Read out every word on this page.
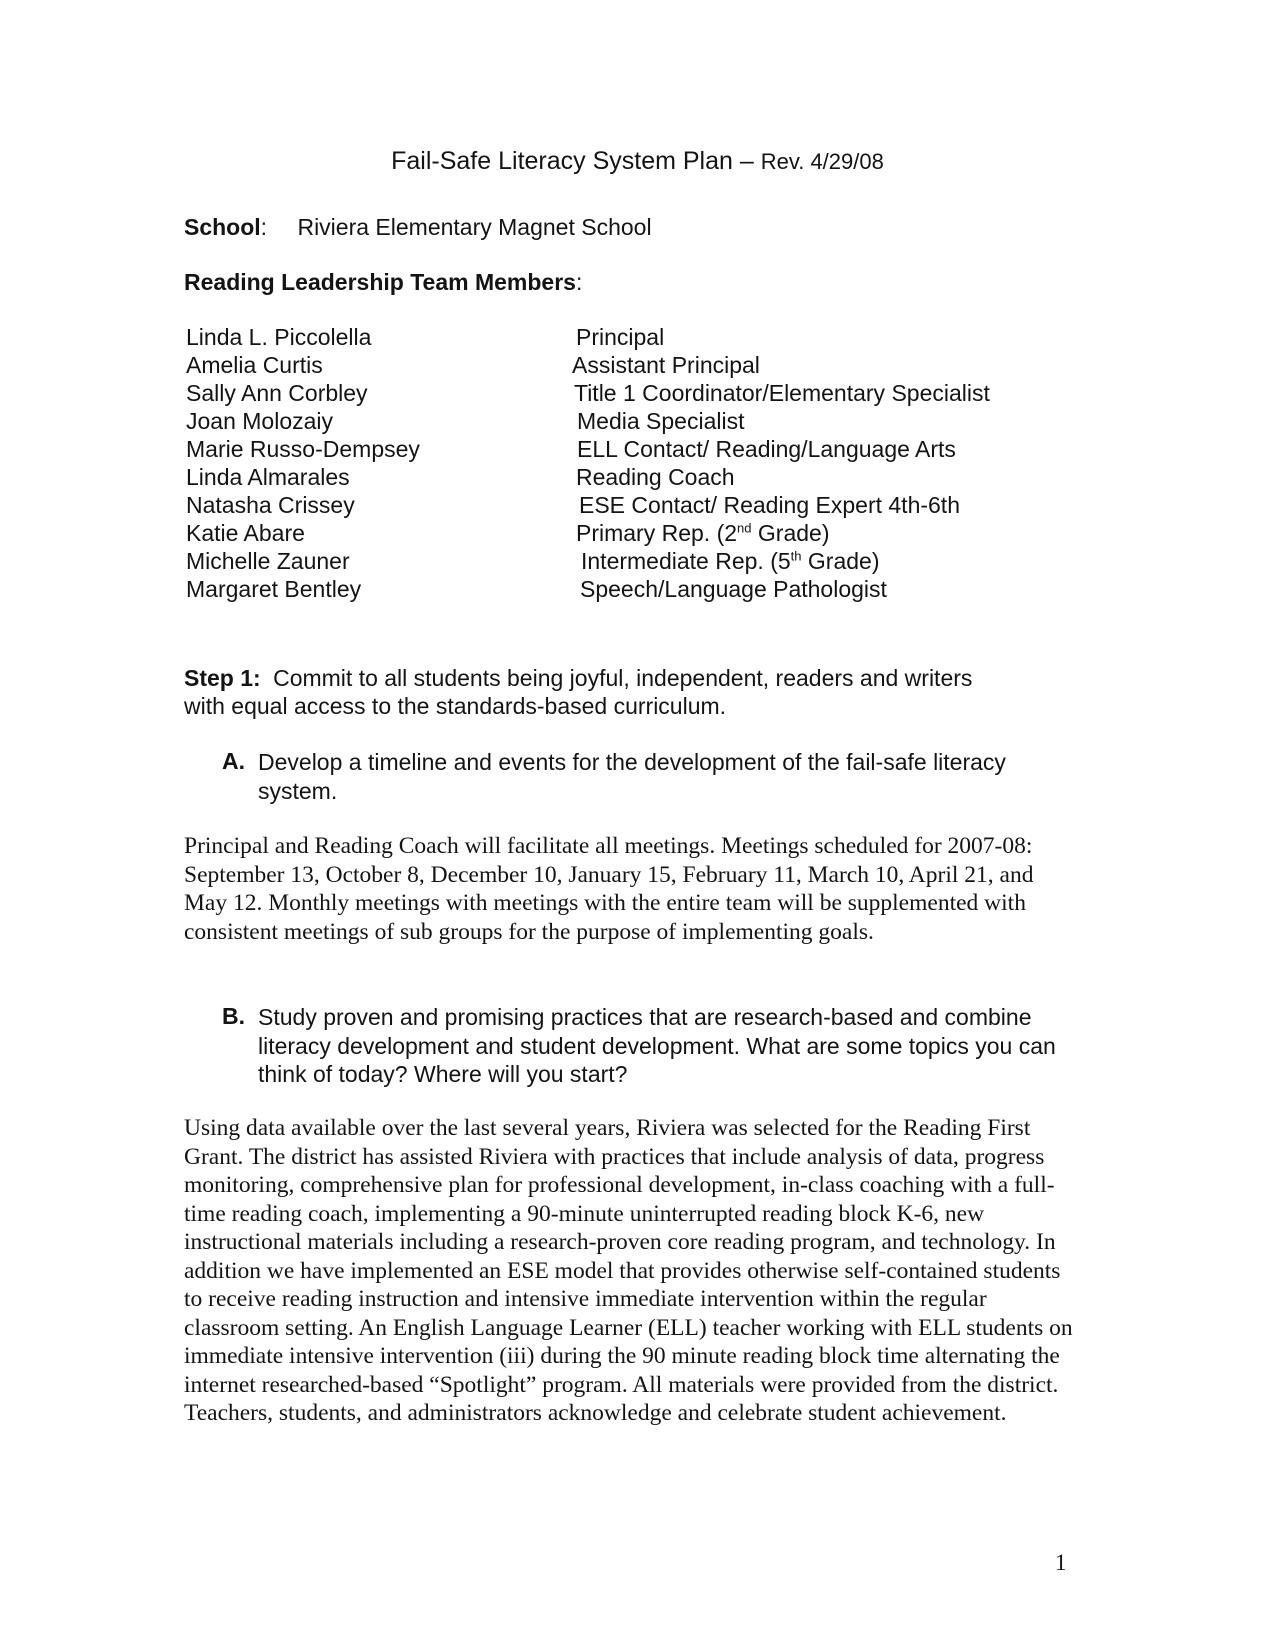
Fail-Safe Literacy System Plan – Rev. 4/29/08
School: Riviera Elementary Magnet School
Reading Leadership Team Members:
Linda L. Piccolella	Principal
Amelia Curtis	Assistant Principal
Sally Ann Corbley	Title 1 Coordinator/Elementary Specialist
Joan Molozaiy	Media Specialist
Marie Russo-Dempsey	ELL Contact/ Reading/Language Arts
Linda Almarales	Reading Coach
Natasha Crissey	ESE Contact/ Reading Expert 4th-6th
Katie Abare	Primary Rep. (2nd Grade)
Michelle Zauner	Intermediate Rep. (5th Grade)
Margaret Bentley	Speech/Language Pathologist
Step 1: Commit to all students being joyful, independent, readers and writers
with equal access to the standards-based curriculum.
A. Develop a timeline and events for the development of the fail-safe literacy system.
Principal and Reading Coach will facilitate all meetings. Meetings scheduled for 2007-08: September 13, October 8, December 10, January 15, February 11, March 10, April 21, and May 12. Monthly meetings with meetings with the entire team will be supplemented with consistent meetings of sub groups for the purpose of implementing goals.
B. Study proven and promising practices that are research-based and combine literacy development and student development. What are some topics you can think of today? Where will you start?
Using data available over the last several years, Riviera was selected for the Reading First Grant. The district has assisted Riviera with practices that include analysis of data, progress monitoring, comprehensive plan for professional development, in-class coaching with a full-time reading coach, implementing a 90-minute uninterrupted reading block K-6, new instructional materials including a research-proven core reading program, and technology. In addition we have implemented an ESE model that provides otherwise self-contained students to receive reading instruction and intensive immediate intervention within the regular classroom setting. An English Language Learner (ELL) teacher working with ELL students on immediate intensive intervention (iii) during the 90 minute reading block time alternating the internet researched-based “Spotlight” program. All materials were provided from the district. Teachers, students, and administrators acknowledge and celebrate student achievement.
1
